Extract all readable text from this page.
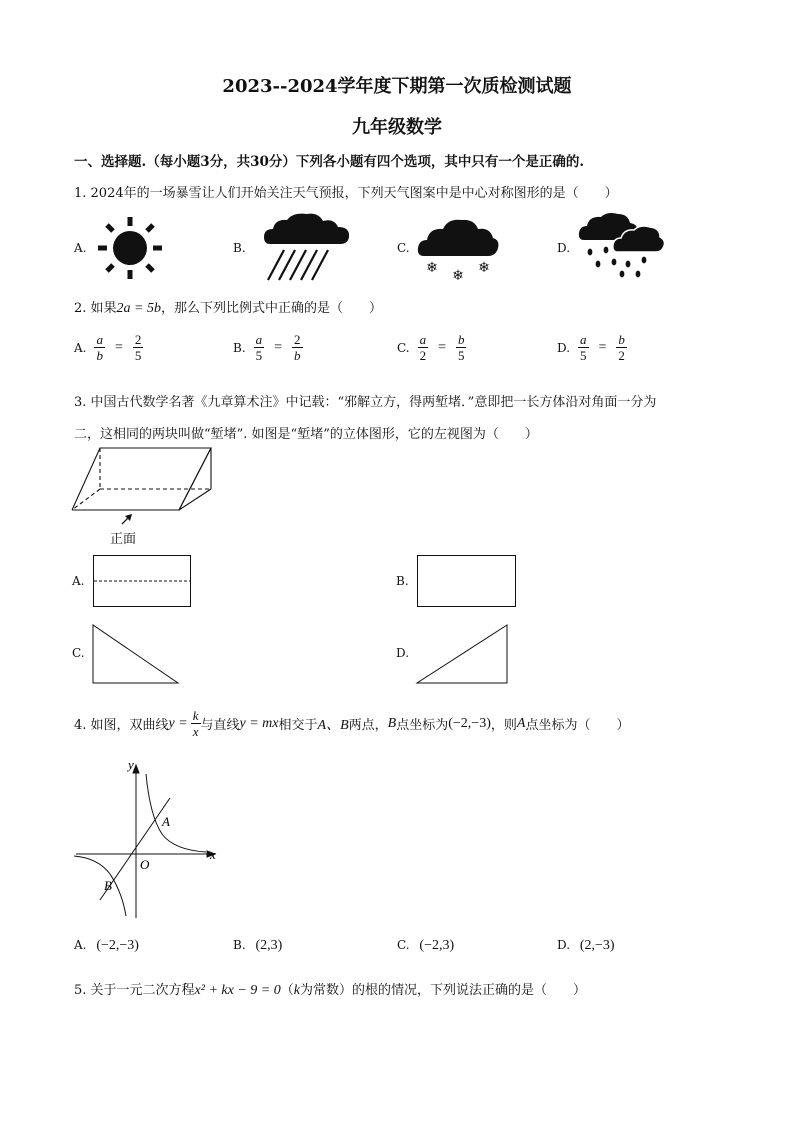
2023--2024学年度下期第一次质检测试题
九年级数学
一、选择题.（每小题3分，共30分）下列各小题有四个选项，其中只有一个是正确的.
1. 2024年的一场暴雪让人们开始关注天气预报，下列天气图案中是中心对称图形的是（　　）
A.	B.	C.
❄ ❄ ❄
D.
2. 如果2a = 5b，那么下列比例式中正确的是（　　）
A. $\frac{a}{b} = \frac{2}{5}$	B. $\frac{a}{5} = \frac{2}{b}$	C. $\frac{a}{2} = \frac{b}{5}$	D. $\frac{a}{5} = \frac{b}{2}$
3. 中国古代数学名著《九章算术注》中记载：“邪解立方，得两堑堵．”意即把一长方体沿对角面一分为
二，这相同的两块叫做“堑堵”. 如图是“堑堵”的立体图形，它的左视图为（　　）
正面
A.	B.
C.	D.
4. 如图，双曲线 $y = \frac{k}{x}$ 与直线 y = mx 相交于 A、B 两点， B 点坐标为 (−2,−3) ，则 A 点坐标为（　　）
y
x
O
A
B
A. (−2,−3)	B. (2,3)	C. (−2,3)	D. (2,−3)
5. 关于一元二次方程x² + kx − 9 = 0（k为常数）的根的情况，下列说法正确的是（　　）
